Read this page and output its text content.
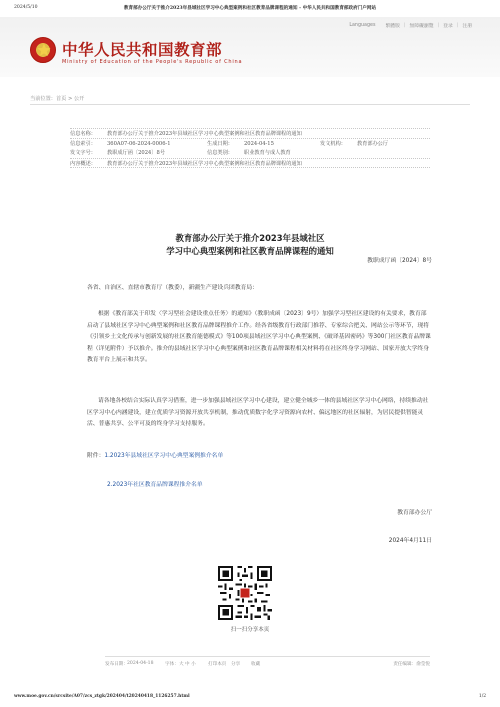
2024/5/10	教育部办公厅关于推介2023年县域社区学习中心典型案例和社区教育品牌课程的通知 - 中华人民共和国教育部政府门户网站
Languages 繁體版 | 無障礙瀏覽 | 登录 | 注册
中华人民共和国教育部
Ministry of Education of the People's Republic of China
当前位置：首页 > 公开
信息名称： 教育部办公厅关于推介2023年县域社区学习中心典型案例和社区教育品牌课程的通知
信息索引： 360A07-06-2024-0006-1	生成日期： 2024-04-15	发文机构： 教育部办公厅
发文字号： 教职成厅函〔2024〕8号	信息类别： 职业教育与成人教育
内容概述： 教育部办公厅关于推介2023年县域社区学习中心典型案例和社区教育品牌课程的通知
教育部办公厅关于推介2023年县域社区
学习中心典型案例和社区教育品牌课程的通知
教职成厅函〔2024〕8号
各省、自治区、直辖市教育厅（教委），新疆生产建设兵团教育局：
根据《教育部关于印发〈学习型社会建设重点任务〉的通知》（教职成函〔2023〕9号）加强学习型社区建设的有关要求，教育部启动了县域社区学习中心典型案例和社区教育品牌课程推介工作。经各省级教育行政部门推荐、专家综合把关、网站公示等环节，现将《引领乡土文化传承与创新发展的社区教育能德模式》等100项县域社区学习中心典型案例、《破译基因密码》等300门社区教育品牌课程（详见附件）予以推介。推介的县域社区学习中心典型案例和社区教育品牌课程相关材料将在社区终身学习网站、国家开放大学终身教育平台上展示和共享。
请各地各校结合实际认真学习借鉴，进一步加强县域社区学习中心建设，建立健全城乡一体的县域社区学习中心网络，持续推动社区学习中心内涵建设，建立优质学习资源开放共享机制，推动优质数字化学习资源向农村、偏远地区的社区辐射，为居民提供智能灵活、普惠共享、公平可及的终身学习支持服务。
附件：1.2023年县域社区学习中心典型案例推介名单
2.2023年社区教育品牌课程推介名单
教育部办公厅
2024年4月11日
扫一扫分享本页
发布日期： 2024-04-18	字体： 大 中 小	打印本页 分享 收藏	责任编辑：俞莹悦
www.moe.gov.cn/srcsite/A07/zcs_ztgk/202404/t20240418_1126257.html	1/2
